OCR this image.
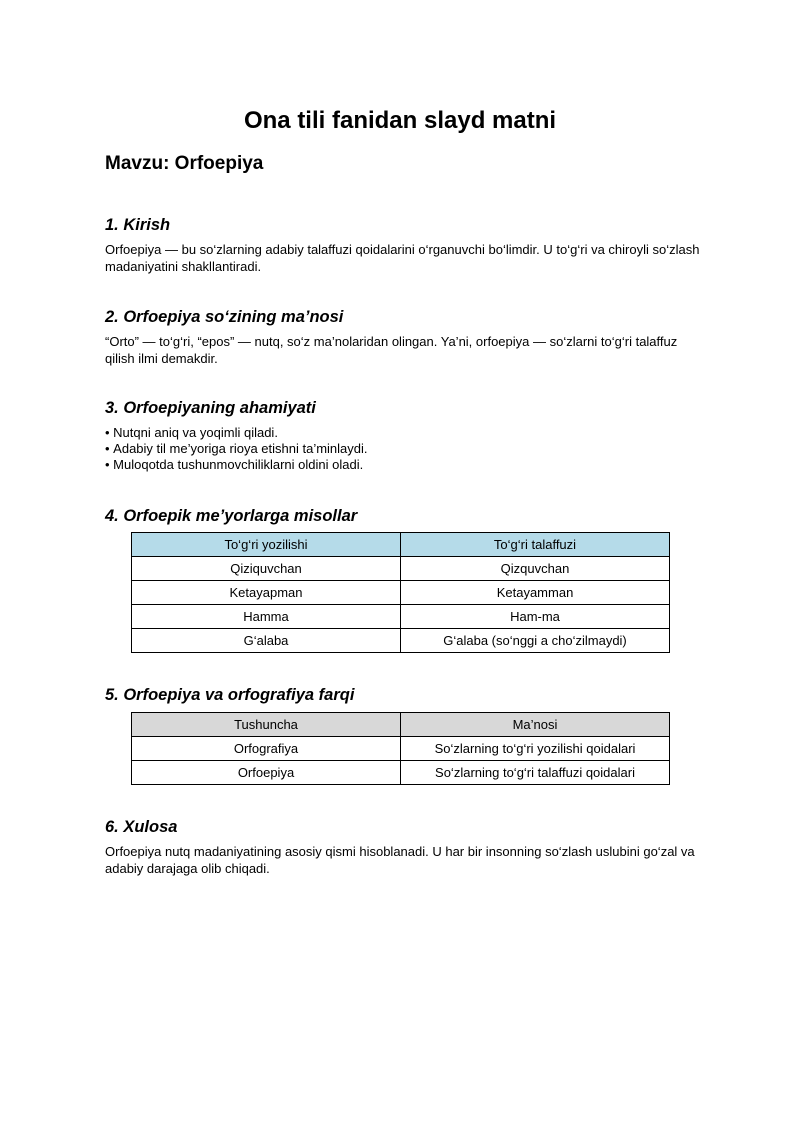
Ona tili fanidan slayd matni
Mavzu: Orfoepiya
1. Kirish

Orfoepiya — bu so‘zlarning adabiy talaffuzi qoidalarini o‘rganuvchi bo‘limdir. U to‘g‘ri va chiroyli so‘zlash madaniyatini shakllantiradi.

2. Orfoepiya so‘zining ma’nosi

“Orto” — to‘g‘ri, “epos” — nutq, so‘z ma’nolaridan olingan. Ya’ni, orfoepiya — so‘zlarni to‘g‘ri talaffuz qilish ilmi demakdir.

3. Orfoepiyaning ahamiyati
• Nutqni aniq va yoqimli qiladi.
• Adabiy til me’yoriga rioya etishni ta’minlaydi.
• Muloqotda tushunmovchiliklarni oldini oladi.
4. Orfoepik me’yorlarga misollar
To‘g‘ri yozilishi	To‘g‘ri talaffuzi
Qiziquvchan	Qizquvchan
Ketayapman	Ketayamman
Hamma	Ham-ma
G‘alaba	G‘alaba (so‘nggi a cho‘zilmaydi)
5. Orfoepiya va orfografiya farqi
Tushuncha	Ma’nosi
Orfografiya	So‘zlarning to‘g‘ri yozilishi qoidalari
Orfoepiya	So‘zlarning to‘g‘ri talaffuzi qoidalari
6. Xulosa

Orfoepiya nutq madaniyatining asosiy qismi hisoblanadi. U har bir insonning so‘zlash uslubini go‘zal va adabiy darajaga olib chiqadi.
